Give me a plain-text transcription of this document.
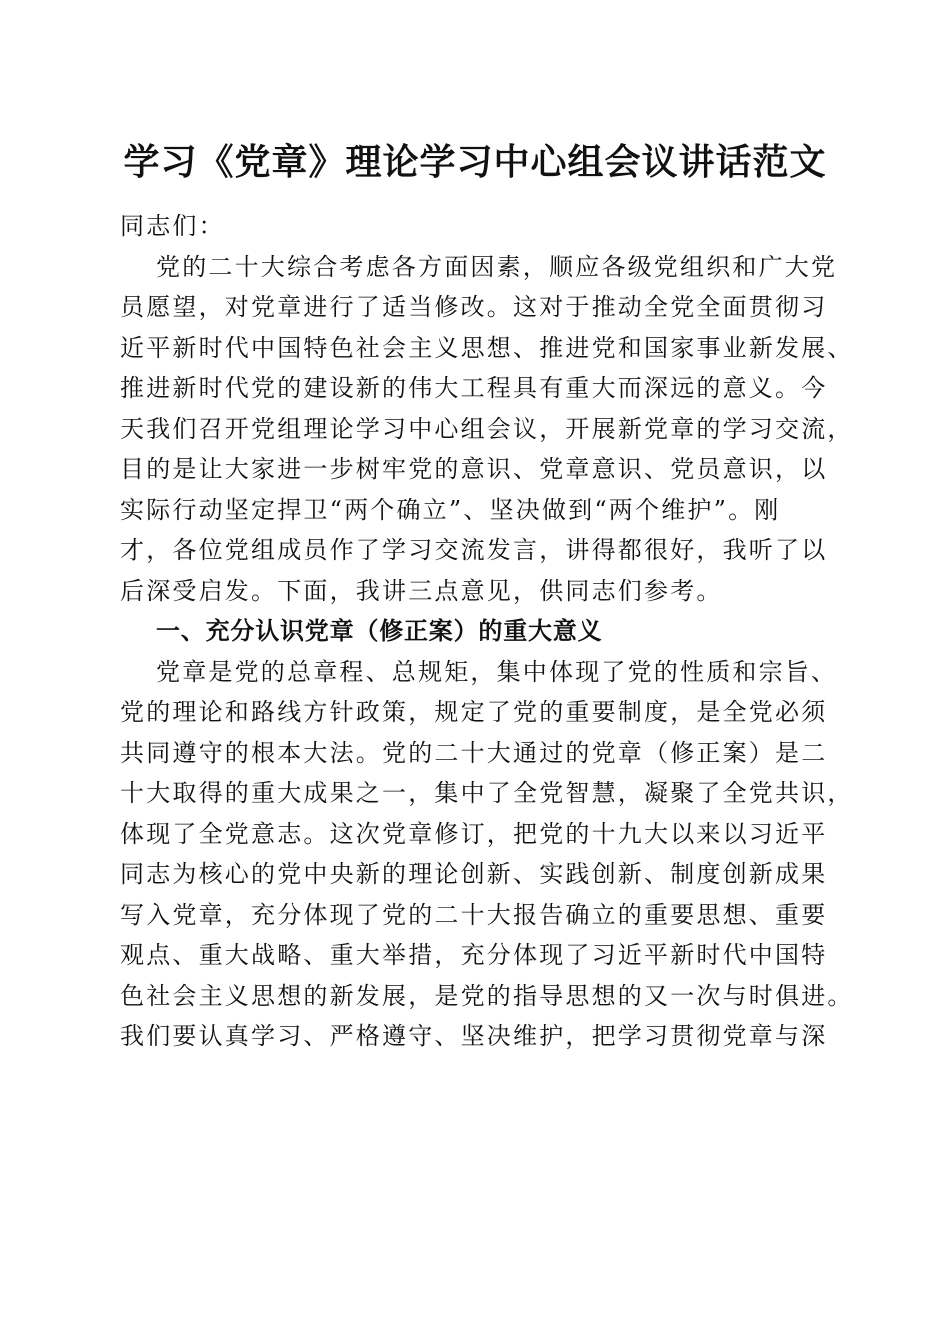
学习《党章》理论学习中心组会议讲话范文
同志们：
党的二十大综合考虑各方面因素，顺应各级党组织和广大党
员愿望，对党章进行了适当修改。这对于推动全党全面贯彻习
近平新时代中国特色社会主义思想、推进党和国家事业新发展、
推进新时代党的建设新的伟大工程具有重大而深远的意义。今
天我们召开党组理论学习中心组会议，开展新党章的学习交流，
目的是让大家进一步树牢党的意识、党章意识、党员意识，以
实际行动坚定捍卫“两个确立”、坚决做到“两个维护”。刚
才，各位党组成员作了学习交流发言，讲得都很好，我听了以
后深受启发。下面，我讲三点意见，供同志们参考。
一、充分认识党章（修正案）的重大意义
党章是党的总章程、总规矩，集中体现了党的性质和宗旨、
党的理论和路线方针政策，规定了党的重要制度，是全党必须
共同遵守的根本大法。党的二十大通过的党章（修正案）是二
十大取得的重大成果之一，集中了全党智慧，凝聚了全党共识，
体现了全党意志。这次党章修订，把党的十九大以来以习近平
同志为核心的党中央新的理论创新、实践创新、制度创新成果
写入党章，充分体现了党的二十大报告确立的重要思想、重要
观点、重大战略、重大举措，充分体现了习近平新时代中国特
色社会主义思想的新发展，是党的指导思想的又一次与时俱进。
我们要认真学习、严格遵守、坚决维护，把学习贯彻党章与深
